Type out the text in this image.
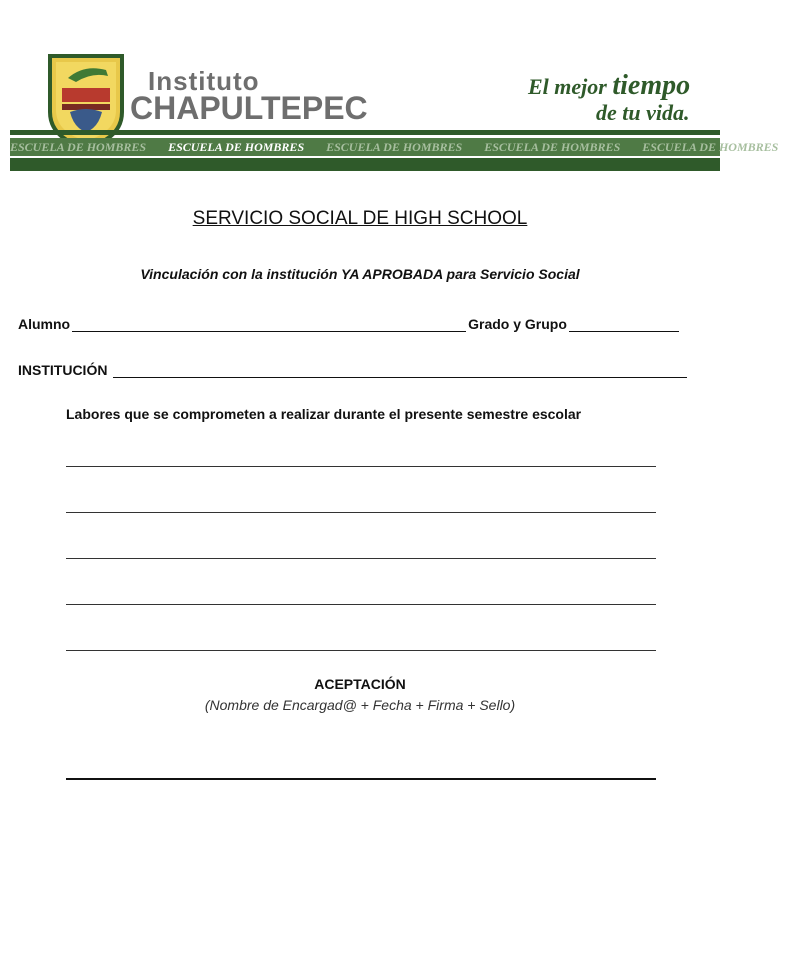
Instituto
CHAPULTEPEC
El mejor tiempo
de tu vida.
ESCUELA DE HOMBRES ESCUELA DE HOMBRES ESCUELA DE HOMBRES ESCUELA DE HOMBRES ESCUELA DE HOMBRES
SERVICIO SOCIAL DE HIGH SCHOOL
Vinculación con la institución YA APROBADA para Servicio Social
Alumno	Grado y Grupo
INSTITUCIÓN
Labores que se comprometen a realizar durante el presente semestre escolar
ACEPTACIÓN
(Nombre de Encargad@ + Fecha + Firma + Sello)
